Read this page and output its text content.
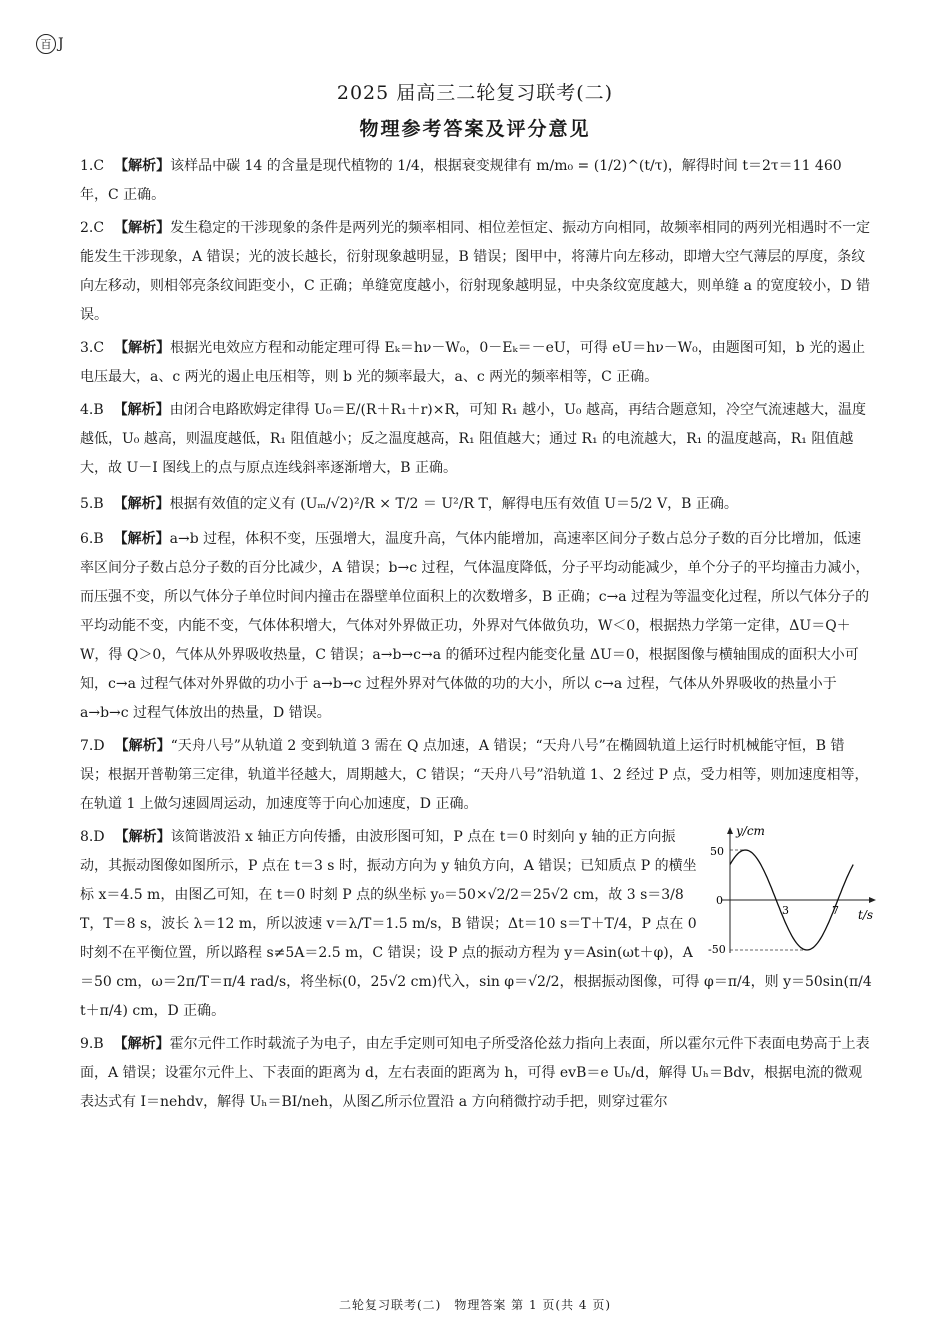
百 J
2025 届高三二轮复习联考(二)
物理参考答案及评分意见

1.C 【解析】该样品中碳 14 的含量是现代植物的 1/4，根据衰变规律有 m/m₀ = (1/2)^(t/τ)，解得时间 t＝2τ＝11 460 年，C 正确。

2.C 【解析】发生稳定的干涉现象的条件是两列光的频率相同、相位差恒定、振动方向相同，故频率相同的两列光相遇时不一定能发生干涉现象，A 错误；光的波长越长，衍射现象越明显，B 错误；图甲中，将薄片向左移动，即增大空气薄层的厚度，条纹向左移动，则相邻亮条纹间距变小，C 正确；单缝宽度越小，衍射现象越明显，中央条纹宽度越大，则单缝 a 的宽度较小，D 错误。

3.C 【解析】根据光电效应方程和动能定理可得 Eₖ＝hν－W₀，0－Eₖ＝－eU，可得 eU＝hν－W₀，由题图可知，b 光的遏止电压最大，a、c 两光的遏止电压相等，则 b 光的频率最大，a、c 两光的频率相等，C 正确。

4.B 【解析】由闭合电路欧姆定律得 U₀＝E/(R＋R₁＋r)×R，可知 R₁ 越小，U₀ 越高，再结合题意知，冷空气流速越大，温度越低，U₀ 越高，则温度越低，R₁ 阻值越小；反之温度越高，R₁ 阻值越大；通过 R₁ 的电流越大，R₁ 的温度越高，R₁ 阻值越大，故 U－I 图线上的点与原点连线斜率逐渐增大，B 正确。

5.B 【解析】根据有效值的定义有 (Uₘ/√2)²/R × T/2 ＝ U²/R T，解得电压有效值 U＝5/2 V，B 正确。

6.B 【解析】a→b 过程，体积不变，压强增大，温度升高，气体内能增加，高速率区间分子数占总分子数的百分比增加，低速率区间分子数占总分子数的百分比减少，A 错误；b→c 过程，气体温度降低，分子平均动能减少，单个分子的平均撞击力减小，而压强不变，所以气体分子单位时间内撞击在器壁单位面积上的次数增多，B 正确；c→a 过程为等温变化过程，所以气体分子的平均动能不变，内能不变，气体体积增大，气体对外界做正功，外界对气体做负功，W＜0，根据热力学第一定律，ΔU＝Q＋W，得 Q＞0，气体从外界吸收热量，C 错误；a→b→c→a 的循环过程内能变化量 ΔU＝0，根据图像与横轴围成的面积大小可知，c→a 过程气体对外界做的功小于 a→b→c 过程外界对气体做的功的大小，所以 c→a 过程，气体从外界吸收的热量小于 a→b→c 过程气体放出的热量，D 错误。

7.D 【解析】“天舟八号”从轨道 2 变到轨道 3 需在 Q 点加速，A 错误；“天舟八号”在椭圆轨道上运行时机械能守恒，B 错误；根据开普勒第三定律，轨道半径越大，周期越大，C 错误；“天舟八号”沿轨道 1、2 经过 P 点，受力相等，则加速度相等，在轨道 1 上做匀速圆周运动，加速度等于向心加速度，D 正确。

y/cm
t/s
50
0
-50
3	7
8.D 【解析】该简谐波沿 x 轴正方向传播，由波形图可知，P 点在 t＝0 时刻向 y 轴的正方向振动，其振动图像如图所示，P 点在 t＝3 s 时，振动方向为 y 轴负方向，A 错误；已知质点 P 的横坐标 x＝4.5 m，由图乙可知，在 t＝0 时刻 P 点的纵坐标 y₀＝50×√2/2＝25√2 cm，故 3 s＝3/8 T，T＝8 s，波长 λ＝12 m，所以波速 v＝λ/T＝1.5 m/s，B 错误；Δt＝10 s＝T＋T/4，P 点在 0 时刻不在平衡位置，所以路程 s≠5A＝2.5 m，C 错误；设 P 点的振动方程为 y＝Asin(ωt＋φ)，A＝50 cm，ω＝2π/T＝π/4 rad/s，将坐标(0，25√2 cm)代入，sin φ＝√2/2，根据振动图像，可得 φ＝π/4，则 y＝50sin(π/4 t＋π/4) cm，D 正确。

9.B 【解析】霍尔元件工作时载流子为电子，由左手定则可知电子所受洛伦兹力指向上表面，所以霍尔元件下表面电势高于上表面，A 错误；设霍尔元件上、下表面的距离为 d，左右表面的距离为 h，可得 evB＝e Uₕ/d，解得 Uₕ＝Bdv，根据电流的微观表达式有 I＝nehdv，解得 Uₕ＝BI/neh，从图乙所示位置沿 a 方向稍微拧动手把，则穿过霍尔

二轮复习联考(二)　物理答案 第 1 页(共 4 页)
